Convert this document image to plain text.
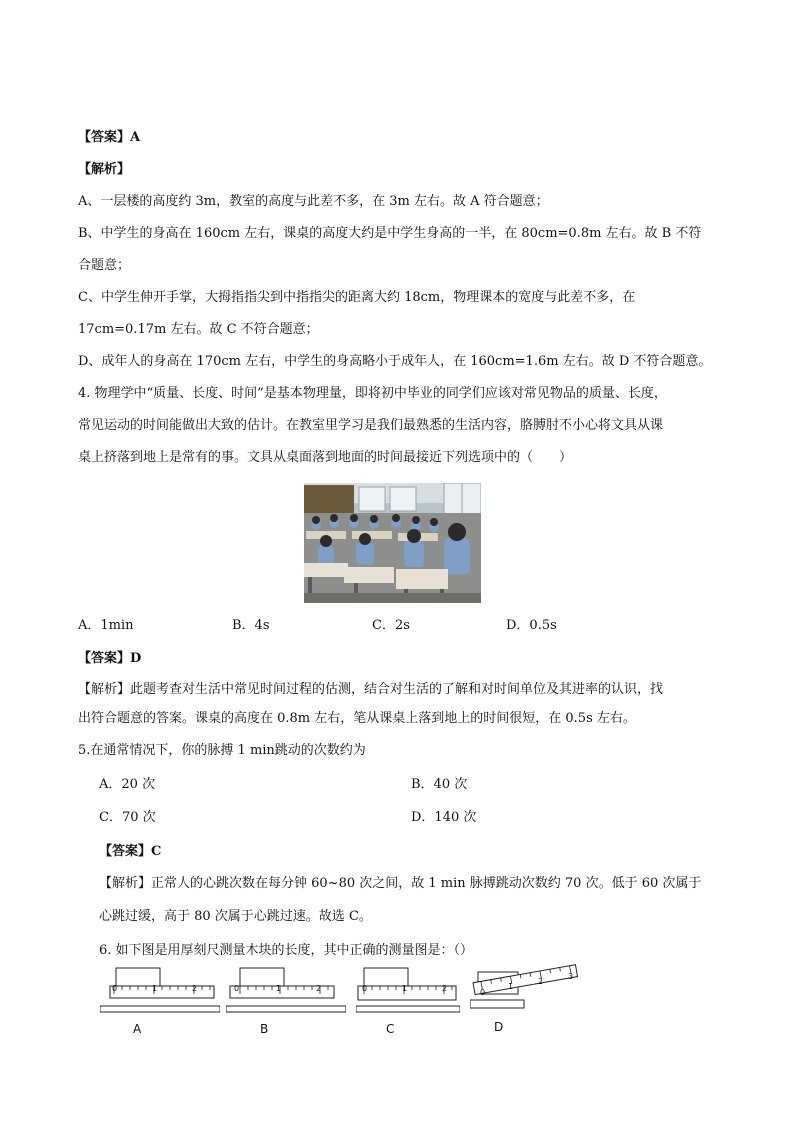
【答案】A
【解析】
A、一层楼的高度约 3m，教室的高度与此差不多，在 3m 左右。故 A 符合题意；
B、中学生的身高在 160cm 左右，课桌的高度大约是中学生身高的一半，在 80cm=0.8m 左右。故 B 不符
合题意；
C、中学生伸开手掌，大拇指指尖到中指指尖的距离大约 18cm，物理课本的宽度与此差不多，在
17cm=0.17m 左右。故 C 不符合题意；
D、成年人的身高在 170cm 左右，中学生的身高略小于成年人，在 160cm=1.6m 左右。故 D 不符合题意。
4. 物理学中“质量、长度、时间”是基本物理量，即将初中毕业的同学们应该对常见物品的质量、长度，
常见运动的时间能做出大致的估计。在教室里学习是我们最熟悉的生活内容，胳膊肘不小心将文具从课
桌上挤落到地上是常有的事。文具从桌面落到地面的时间最接近下列选项中的（　　）
A．1min	B．4s	C．2s	D．0.5s
【答案】D
【解析】此题考查对生活中常见时间过程的估测，结合对生活的了解和对时间单位及其进率的认识，找
出符合题意的答案。课桌的高度在 0.8m 左右，笔从课桌上落到地上的时间很短，在 0.5s 左右。
5.在通常情况下，你的脉搏 1 min跳动的次数约为
A．20 次	B．40 次
C．70 次	D．140 次
【答案】C
【解析】正常人的心跳次数在每分钟 60~80 次之间，故 1 min 脉搏跳动次数约 70 次。低于 60 次属于
心跳过缓，高于 80 次属于心跳过速。故选 C。
6. 如下图是用厚刻尺测量木块的长度，其中正确的测量图是：（）
0	1	2
A
0	1	2
B
0	1	2
C
0
1
2
3
D
